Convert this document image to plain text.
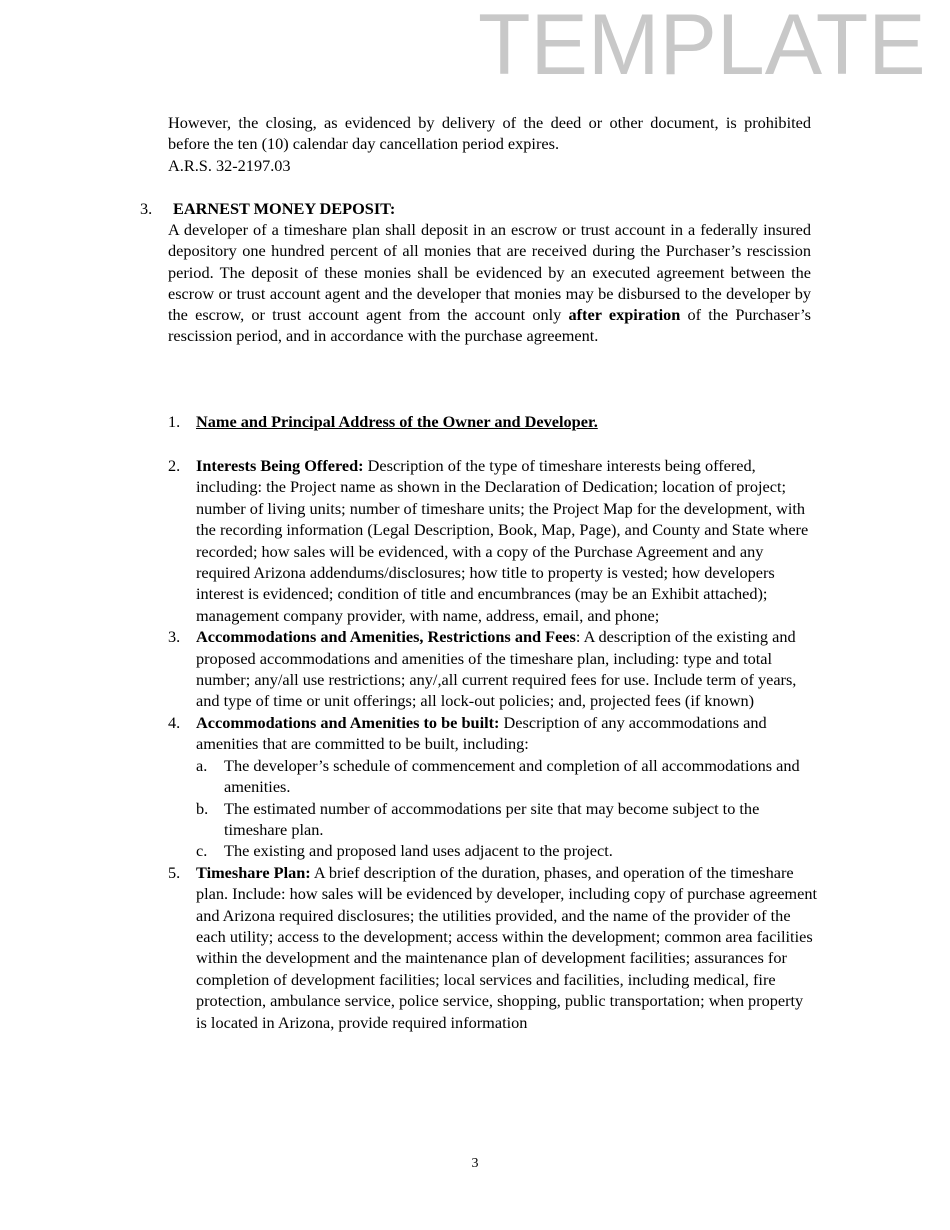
TEMPLATE
However, the closing, as evidenced by delivery of the deed or other document, is prohibited before the ten (10) calendar day cancellation period expires.
A.R.S. 32-2197.03
3. EARNEST MONEY DEPOSIT:
A developer of a timeshare plan shall deposit in an escrow or trust account in a federally insured depository one hundred percent of all monies that are received during the Purchaser’s rescission period. The deposit of these monies shall be evidenced by an executed agreement between the escrow or trust account agent and the developer that monies may be disbursed to the developer by the escrow, or trust account agent from the account only after expiration of the Purchaser’s rescission period, and in accordance with the purchase agreement.
1. Name and Principal Address of the Owner and Developer.
2. Interests Being Offered: Description of the type of timeshare interests being offered, including: the Project name as shown in the Declaration of Dedication; location of project; number of living units; number of timeshare units; the Project Map for the development, with the recording information (Legal Description, Book, Map, Page), and County and State where recorded; how sales will be evidenced, with a copy of the Purchase Agreement and any required Arizona addendums/disclosures; how title to property is vested; how developers interest is evidenced; condition of title and encumbrances (may be an Exhibit attached); management company provider, with name, address, email, and phone;
3. Accommodations and Amenities, Restrictions and Fees: A description of the existing and proposed accommodations and amenities of the timeshare plan, including: type and total number; any/all use restrictions; any/,all current required fees for use. Include term of years, and type of time or unit offerings; all lock-out policies; and, projected fees (if known)
4. Accommodations and Amenities to be built: Description of any accommodations and amenities that are committed to be built, including:
a. The developer’s schedule of commencement and completion of all accommodations and amenities.
b. The estimated number of accommodations per site that may become subject to the timeshare plan.
c. The existing and proposed land uses adjacent to the project.
5. Timeshare Plan: A brief description of the duration, phases, and operation of the timeshare plan. Include: how sales will be evidenced by developer, including copy of purchase agreement and Arizona required disclosures; the utilities provided, and the name of the provider of the each utility; access to the development; access within the development; common area facilities within the development and the maintenance plan of development facilities; assurances for completion of development facilities; local services and facilities, including medical, fire protection, ambulance service, police service, shopping, public transportation; when property is located in Arizona, provide required information
3
